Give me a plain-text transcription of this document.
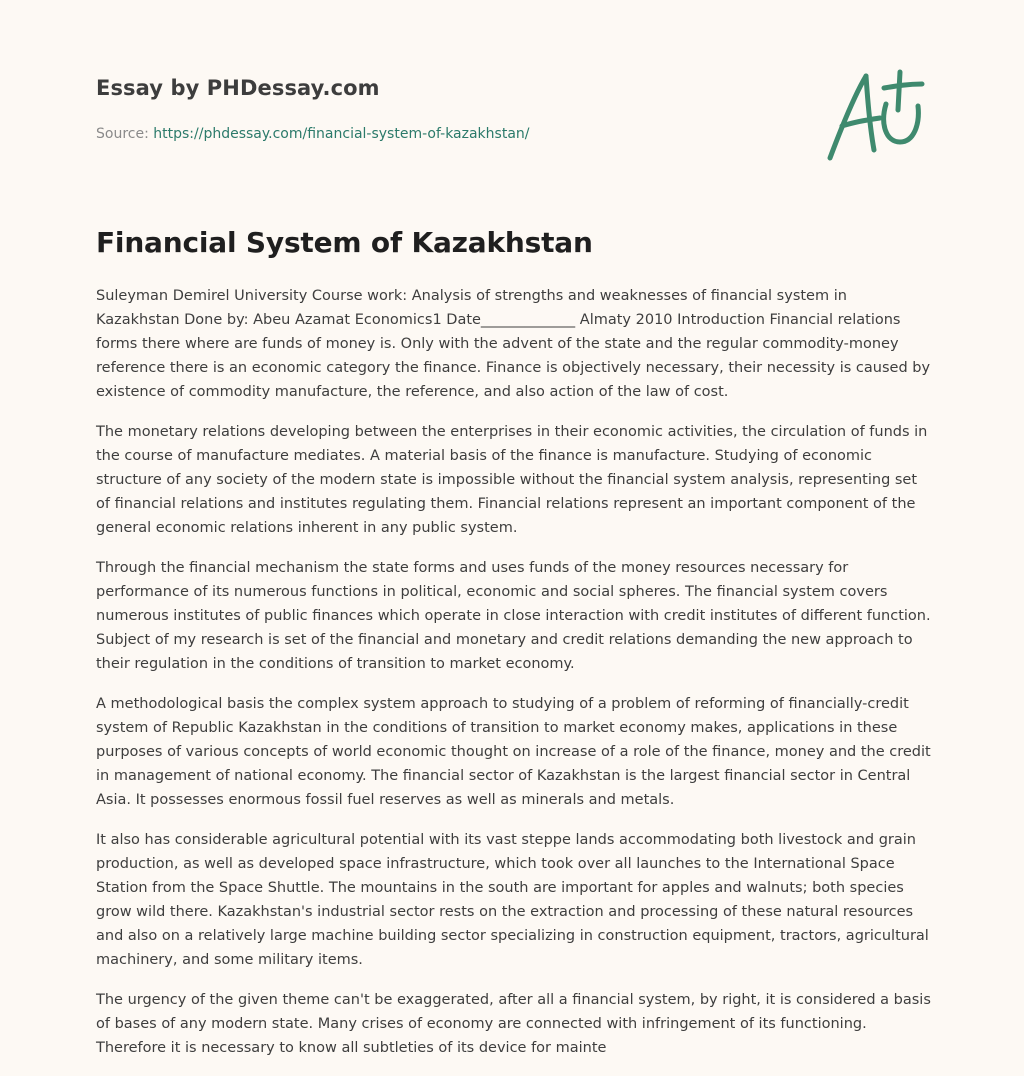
Essay by PHDessay.com
Source: https://phdessay.com/financial-system-of-kazakhstan/
Financial System of Kazakhstan

Suleyman Demirel University Course work: Analysis of strengths and weaknesses of financial system in Kazakhstan Done by: Abeu Azamat Economics1 Date_____________ Almaty 2010 Introduction Financial relations forms there where are funds of money is. Only with the advent of the state and the regular commodity-money reference there is an economic category the finance. Finance is objectively necessary, their necessity is caused by existence of commodity manufacture, the reference, and also action of the law of cost.

The monetary relations developing between the enterprises in their economic activities, the circulation of funds in the course of manufacture mediates. A material basis of the finance is manufacture. Studying of economic structure of any society of the modern state is impossible without the financial system analysis, representing set of financial relations and institutes regulating them. Financial relations represent an important component of the general economic relations inherent in any public system.

Through the financial mechanism the state forms and uses funds of the money resources necessary for performance of its numerous functions in political, economic and social spheres. The financial system covers numerous institutes of public finances which operate in close interaction with credit institutes of different function. Subject of my research is set of the financial and monetary and credit relations demanding the new approach to their regulation in the conditions of transition to market economy.

A methodological basis the complex system approach to studying of a problem of reforming of financially-credit system of Republic Kazakhstan in the conditions of transition to market economy makes, applications in these purposes of various concepts of world economic thought on increase of a role of the finance, money and the credit in management of national economy. The financial sector of Kazakhstan is the largest financial sector in Central Asia. It possesses enormous fossil fuel reserves as well as minerals and metals.

It also has considerable agricultural potential with its vast steppe lands accommodating both livestock and grain production, as well as developed space infrastructure, which took over all launches to the International Space Station from the Space Shuttle. The mountains in the south are important for apples and walnuts; both species grow wild there. Kazakhstan's industrial sector rests on the extraction and processing of these natural resources and also on a relatively large machine building sector specializing in construction equipment, tractors, agricultural machinery, and some military items.

The urgency of the given theme can't be exaggerated, after all a financial system, by right, it is considered a basis of bases of any modern state. Many crises of economy are connected with infringement of its functioning. Therefore it is necessary to know all subtleties of its device for mainte
